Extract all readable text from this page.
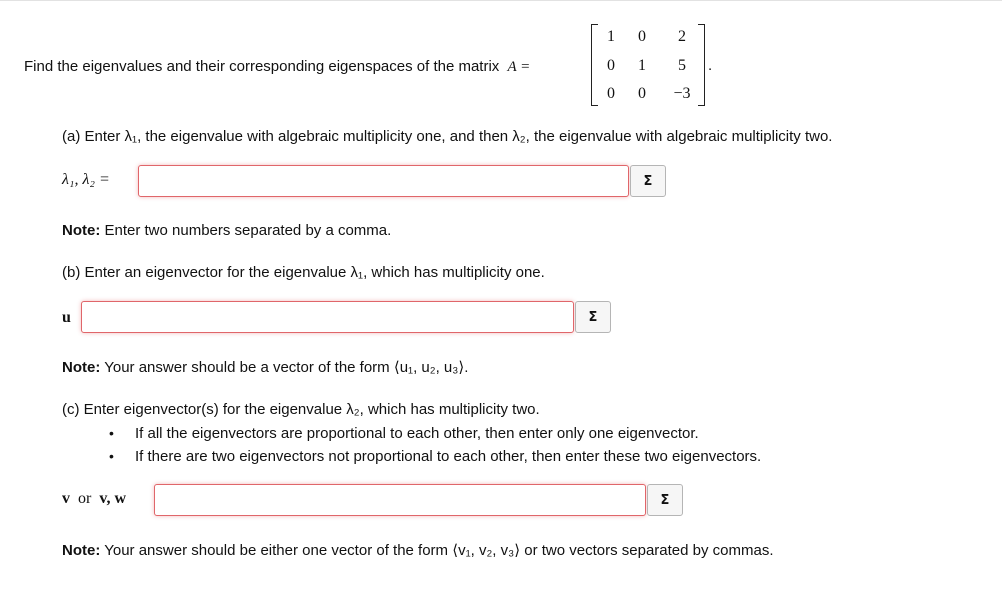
Find the eigenvalues and their corresponding eigenspaces of the matrix A =
1	0	2
0	1	5
0	0	−3
.
(a) Enter λ₁, the eigenvalue with algebraic multiplicity one, and then λ₂, the eigenvalue with algebraic multiplicity two.
λ₁, λ₂ =	Σ
Note: Enter two numbers separated by a comma.
(b) Enter an eigenvector for the eigenvalue λ₁, which has multiplicity one.
u	Σ
Note: Your answer should be a vector of the form ⟨u₁, u₂, u₃⟩.
(c) Enter eigenvector(s) for the eigenvalue λ₂, which has multiplicity two.
• If all the eigenvectors are proportional to each other, then enter only one eigenvector.
• If there are two eigenvectors not proportional to each other, then enter these two eigenvectors.
v or v, w	Σ
Note: Your answer should be either one vector of the form ⟨v₁, v₂, v₃⟩ or two vectors separated by commas.
